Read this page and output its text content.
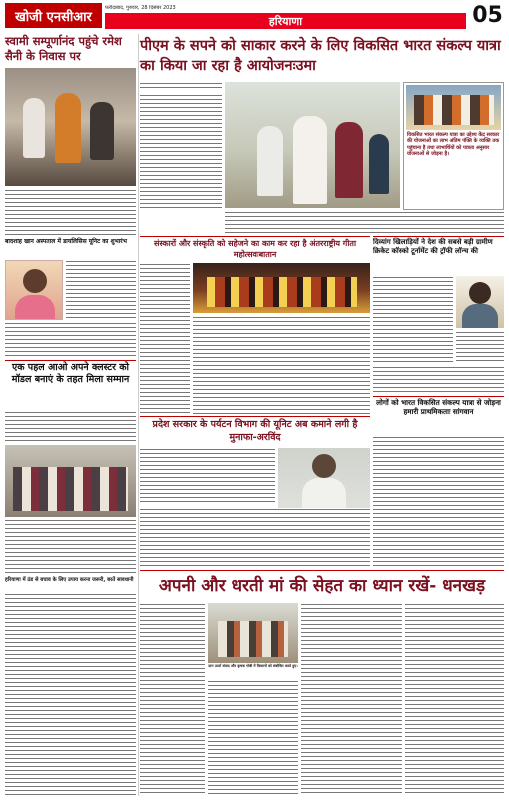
खोजी एनसीआर
फरीदाबाद, गुरुवार, 28 दिसंबर 2023
हरियाणा	05
स्वामी सम्पूर्णानंद पहुंचे रमेश सैनी के निवास पर
फरीदाबाद। अपने प्रवास के तहत स्वामी सम्पूर्णानंद रमेश सैनी के निवास पर पहुंचे और परिवार के सदस्यों को आशीर्वाद दिया। इस अवसर पर समाज के गणमान्य लोग उपस्थित रहे और उन्होंने स्वामी जी का स्वागत किया। स्वामी जी ने कहा कि समाज में सद्भाव और सेवा का भाव होना चाहिए तथा सभी को मिलकर समाज के उत्थान के लिए कार्य करना चाहिए।
बादशाह खान अस्पताल में डायलिसिस यूनिट का शुभारंभ
एक पहल आओ अपने क्लस्टर को मॉडल बनाएं के तहत मिला सम्मान
हरियाणा में ठंड से बचाव के लिए उपाय करना जरूरी, बरतें सावधानी
पीएम के सपने को साकार करने के लिए विकसित भारत संकल्प यात्रा का किया जा रहा है आयोजनःउमा
फरीदाबाद। विकसित भारत संकल्प यात्रा के तहत आयोजित कार्यक्रम में मुख्य अतिथि ने कहा कि प्रधानमंत्री के सपने को साकार करने के लिए यह यात्रा निकाली जा रही है। इस यात्रा के माध्यम से लोगों को केंद्र सरकार की योजनाओं की जानकारी दी जा रही है और पात्र लोगों का मौके पर ही पंजीकरण किया जा रहा है। कार्यक्रम में बड़ी संख्या में ग्रामीण उपस्थित रहे और उन्होंने विकसित भारत का संकल्प लिया। अधिकारियों ने योजनाओं की विस्तार से जानकारी दी।
विकसित भारत संकल्प यात्रा का उद्देश्य केंद्र सरकार की योजनाओं का लाभ अंतिम पंक्ति के व्यक्ति तक पहुंचाना है तथा लाभार्थियों को पात्रता अनुसार योजनाओं से जोड़ना है।
संस्कारों और संस्कृति को सहेजने का काम कर रहा है अंतरराष्ट्रीय गीता महोत्सवःबातान
दिव्यांग खिलाड़ियों ने देश की सबसे बड़ी ग्रामीण क्रिकेट कॉस्को टूर्नामेंट की ट्रॉफी लॉन्च की
लोगों को भारत विकसित संकल्प यात्रा से जोड़ना हमारी प्राथमिकताः सांगवान
प्रदेश सरकार के पर्यटन विभाग की यूनिट अब कमाने लगी है मुनाफा-अरविंद
अपनी और धरती मां की सेहत का ध्यान रखें- धनखड़
फरीदाबाद। रासायनिक खादों के अधिक प्रयोग से धरती की उर्वरा शक्ति कम हो रही है। किसानों को प्राकृतिक खेती अपनानी चाहिए ताकि अपनी और धरती मां दोनों की सेहत अच्छी बनी रहे। इस अवसर पर बड़ी संख्या में किसान और ग्रामीण उपस्थित रहे।
ग्राम ऊर्जा संवाद और कृषक गोष्ठी में किसानों को संबोधित करते हुए।
